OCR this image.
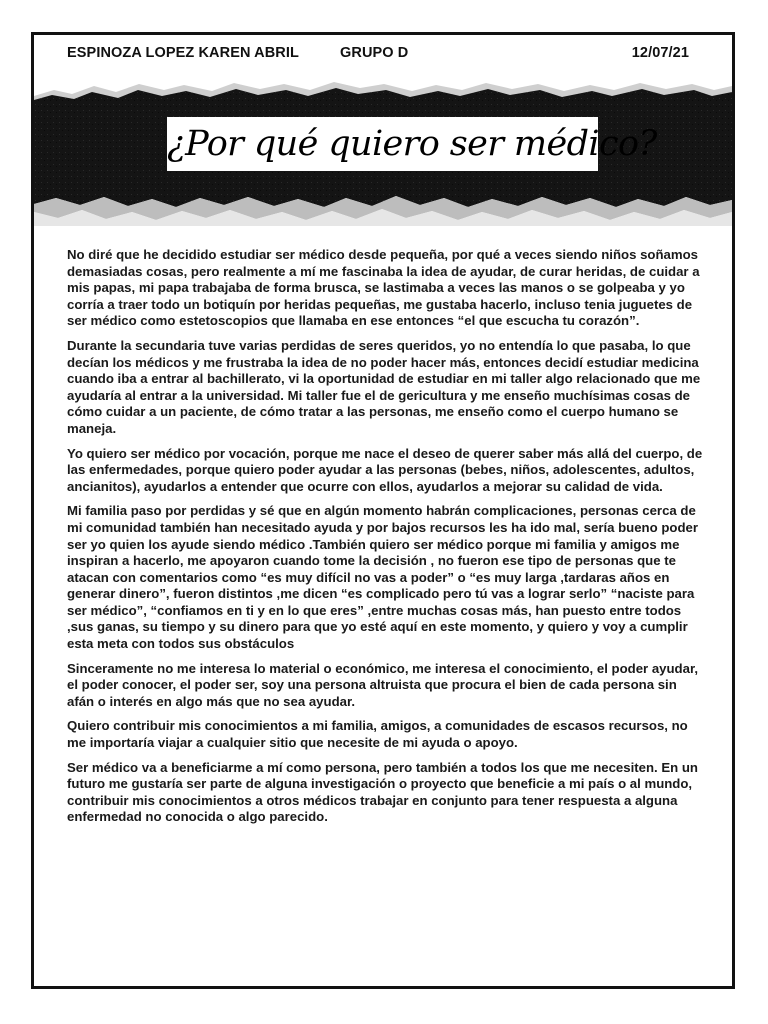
ESPINOZA LOPEZ KAREN ABRIL	GRUPO D	12/07/21
¿Por qué quiero ser médico?

No diré que he decidido estudiar ser médico desde pequeña, por qué a veces siendo niños soñamos demasiadas cosas, pero realmente a mí me fascinaba la idea de ayudar, de curar heridas, de cuidar a mis papas, mi papa trabajaba de forma brusca, se lastimaba a veces las manos o se golpeaba y yo corría a traer todo un botiquín por heridas pequeñas, me gustaba hacerlo, incluso tenia juguetes de ser médico como estetoscopios que llamaba en ese entonces “el que escucha tu corazón”.

Durante la secundaria tuve varias perdidas de seres queridos, yo no entendía lo que pasaba, lo que decían los médicos y me frustraba la idea de no poder hacer más, entonces decidí estudiar medicina cuando iba a entrar al bachillerato, vi la oportunidad de estudiar en mi taller algo relacionado que me ayudaría al entrar a la universidad. Mi taller fue el de gericultura y me enseño muchísimas cosas de cómo cuidar a un paciente, de cómo tratar a las personas, me enseño como el cuerpo humano se maneja.

Yo quiero ser médico por vocación, porque me nace el deseo de querer saber más allá del cuerpo, de las enfermedades, porque quiero poder ayudar a las personas (bebes, niños, adolescentes, adultos, ancianitos), ayudarlos a entender que ocurre con ellos, ayudarlos a mejorar su calidad de vida.

Mi familia paso por perdidas y sé que en algún momento habrán complicaciones, personas cerca de mi comunidad también han necesitado ayuda y por bajos recursos les ha ido mal, sería bueno poder ser yo quien los ayude siendo médico .También quiero ser médico porque mi familia y amigos me inspiran a hacerlo, me apoyaron cuando tome la decisión , no fueron ese tipo de personas que te atacan con comentarios como “es muy difícil no vas a poder” o “es muy larga ,tardaras años en generar dinero”, fueron distintos ,me dicen “es complicado pero tú vas a lograr serlo” “naciste para ser médico”, “confiamos en ti y en lo que eres” ,entre muchas cosas más, han puesto entre todos ,sus ganas, su tiempo y su dinero para que yo esté aquí en este momento, y quiero y voy a cumplir esta meta con todos sus obstáculos

Sinceramente no me interesa lo material o económico, me interesa el conocimiento, el poder ayudar, el poder conocer, el poder ser, soy una persona altruista que procura el bien de cada persona sin afán o interés en algo más que no sea ayudar.

Quiero contribuir mis conocimientos a mi familia, amigos, a comunidades de escasos recursos, no me importaría viajar a cualquier sitio que necesite de mi ayuda o apoyo.

Ser médico va a beneficiarme a mí como persona, pero también a todos los que me necesiten. En un futuro me gustaría ser parte de alguna investigación o proyecto que beneficie a mi país o al mundo, contribuir mis conocimientos a otros médicos trabajar en conjunto para tener respuesta a alguna enfermedad no conocida o algo parecido.
